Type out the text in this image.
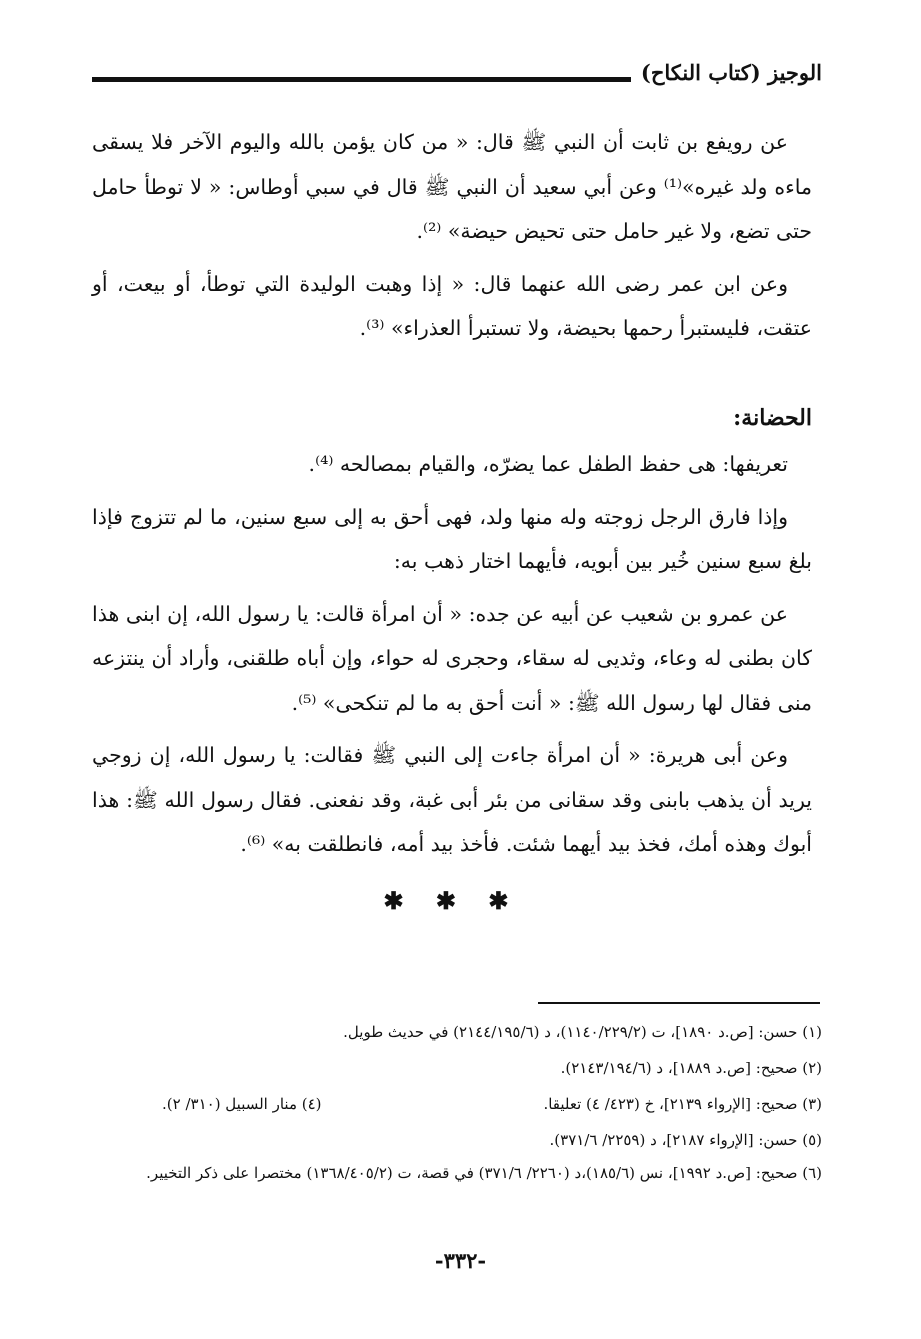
الوجيز (كتاب النكاح)

عن رويفع بن ثابت أن النبي ﷺ قال: « من كان يؤمن بالله واليوم الآخر فلا يسقى ماءه ولد غيره»⁽¹⁾ وعن أبي سعيد أن النبي ﷺ قال في سبي أوطاس: « لا توطأ حامل حتى تضع، ولا غير حامل حتى تحيض حيضة» ⁽²⁾.

وعن ابن عمر رضى الله عنهما قال: « إذا وهبت الوليدة التي توطأ، أو بيعت، أو عتقت، فليستبرأ رحمها بحيضة، ولا تستبرأ العذراء» ⁽³⁾.

الحضانة:

تعريفها: هى حفظ الطفل عما يضرّه، والقيام بمصالحه ⁽⁴⁾.

وإذا فارق الرجل زوجته وله منها ولد، فهى أحق به إلى سبع سنين، ما لم تتزوج فإذا بلغ سبع سنين خُير بين أبويه، فأيهما اختار ذهب به:

عن عمرو بن شعيب عن أبيه عن جده: « أن امرأة قالت: يا رسول الله، إن ابنى هذا كان بطنى له وعاء، وثديى له سقاء، وحجرى له حواء، وإن أباه طلقنى، وأراد أن ينتزعه منى فقال لها رسول الله ﷺ: « أنت أحق به ما لم تنكحى» ⁽⁵⁾.

وعن أبى هريرة: « أن امرأة جاءت إلى النبي ﷺ فقالت: يا رسول الله، إن زوجي يريد أن يذهب بابنى وقد سقانى من بئر أبى غبة، وقد نفعنى. فقال رسول الله ﷺ: هذا أبوك وهذه أمك، فخذ بيد أيهما شئت. فأخذ بيد أمه، فانطلقت به» ⁽⁶⁾.

✱ ✱ ✱
(١) حسن: [ص.د ١٨٩٠]، ت (١١٤٠/٢٢٩/٢)، د (٢١٤٤/١٩٥/٦) في حديث طويل.
(٢) صحيح: [ص.د ١٨٨٩]، د (٢١٤٣/١٩٤/٦).
(٣) صحيح: [الإرواء ٢١٣٩]، خ (٤٢٣/ ٤) تعليقا.
(٤) منار السبيل (٣١٠/ ٢).
(٥) حسن: [الإرواء ٢١٨٧]، د (٢٢٥٩/ ٣٧١/٦).
(٦) صحيح: [ص.د ١٩٩٢]، نس (١٨٥/٦)،د (٢٢٦٠/ ٣٧١/٦) في قصة، ت (١٣٦٨/٤٠٥/٢) مختصرا على ذكر التخيير.
-٣٣٢-
